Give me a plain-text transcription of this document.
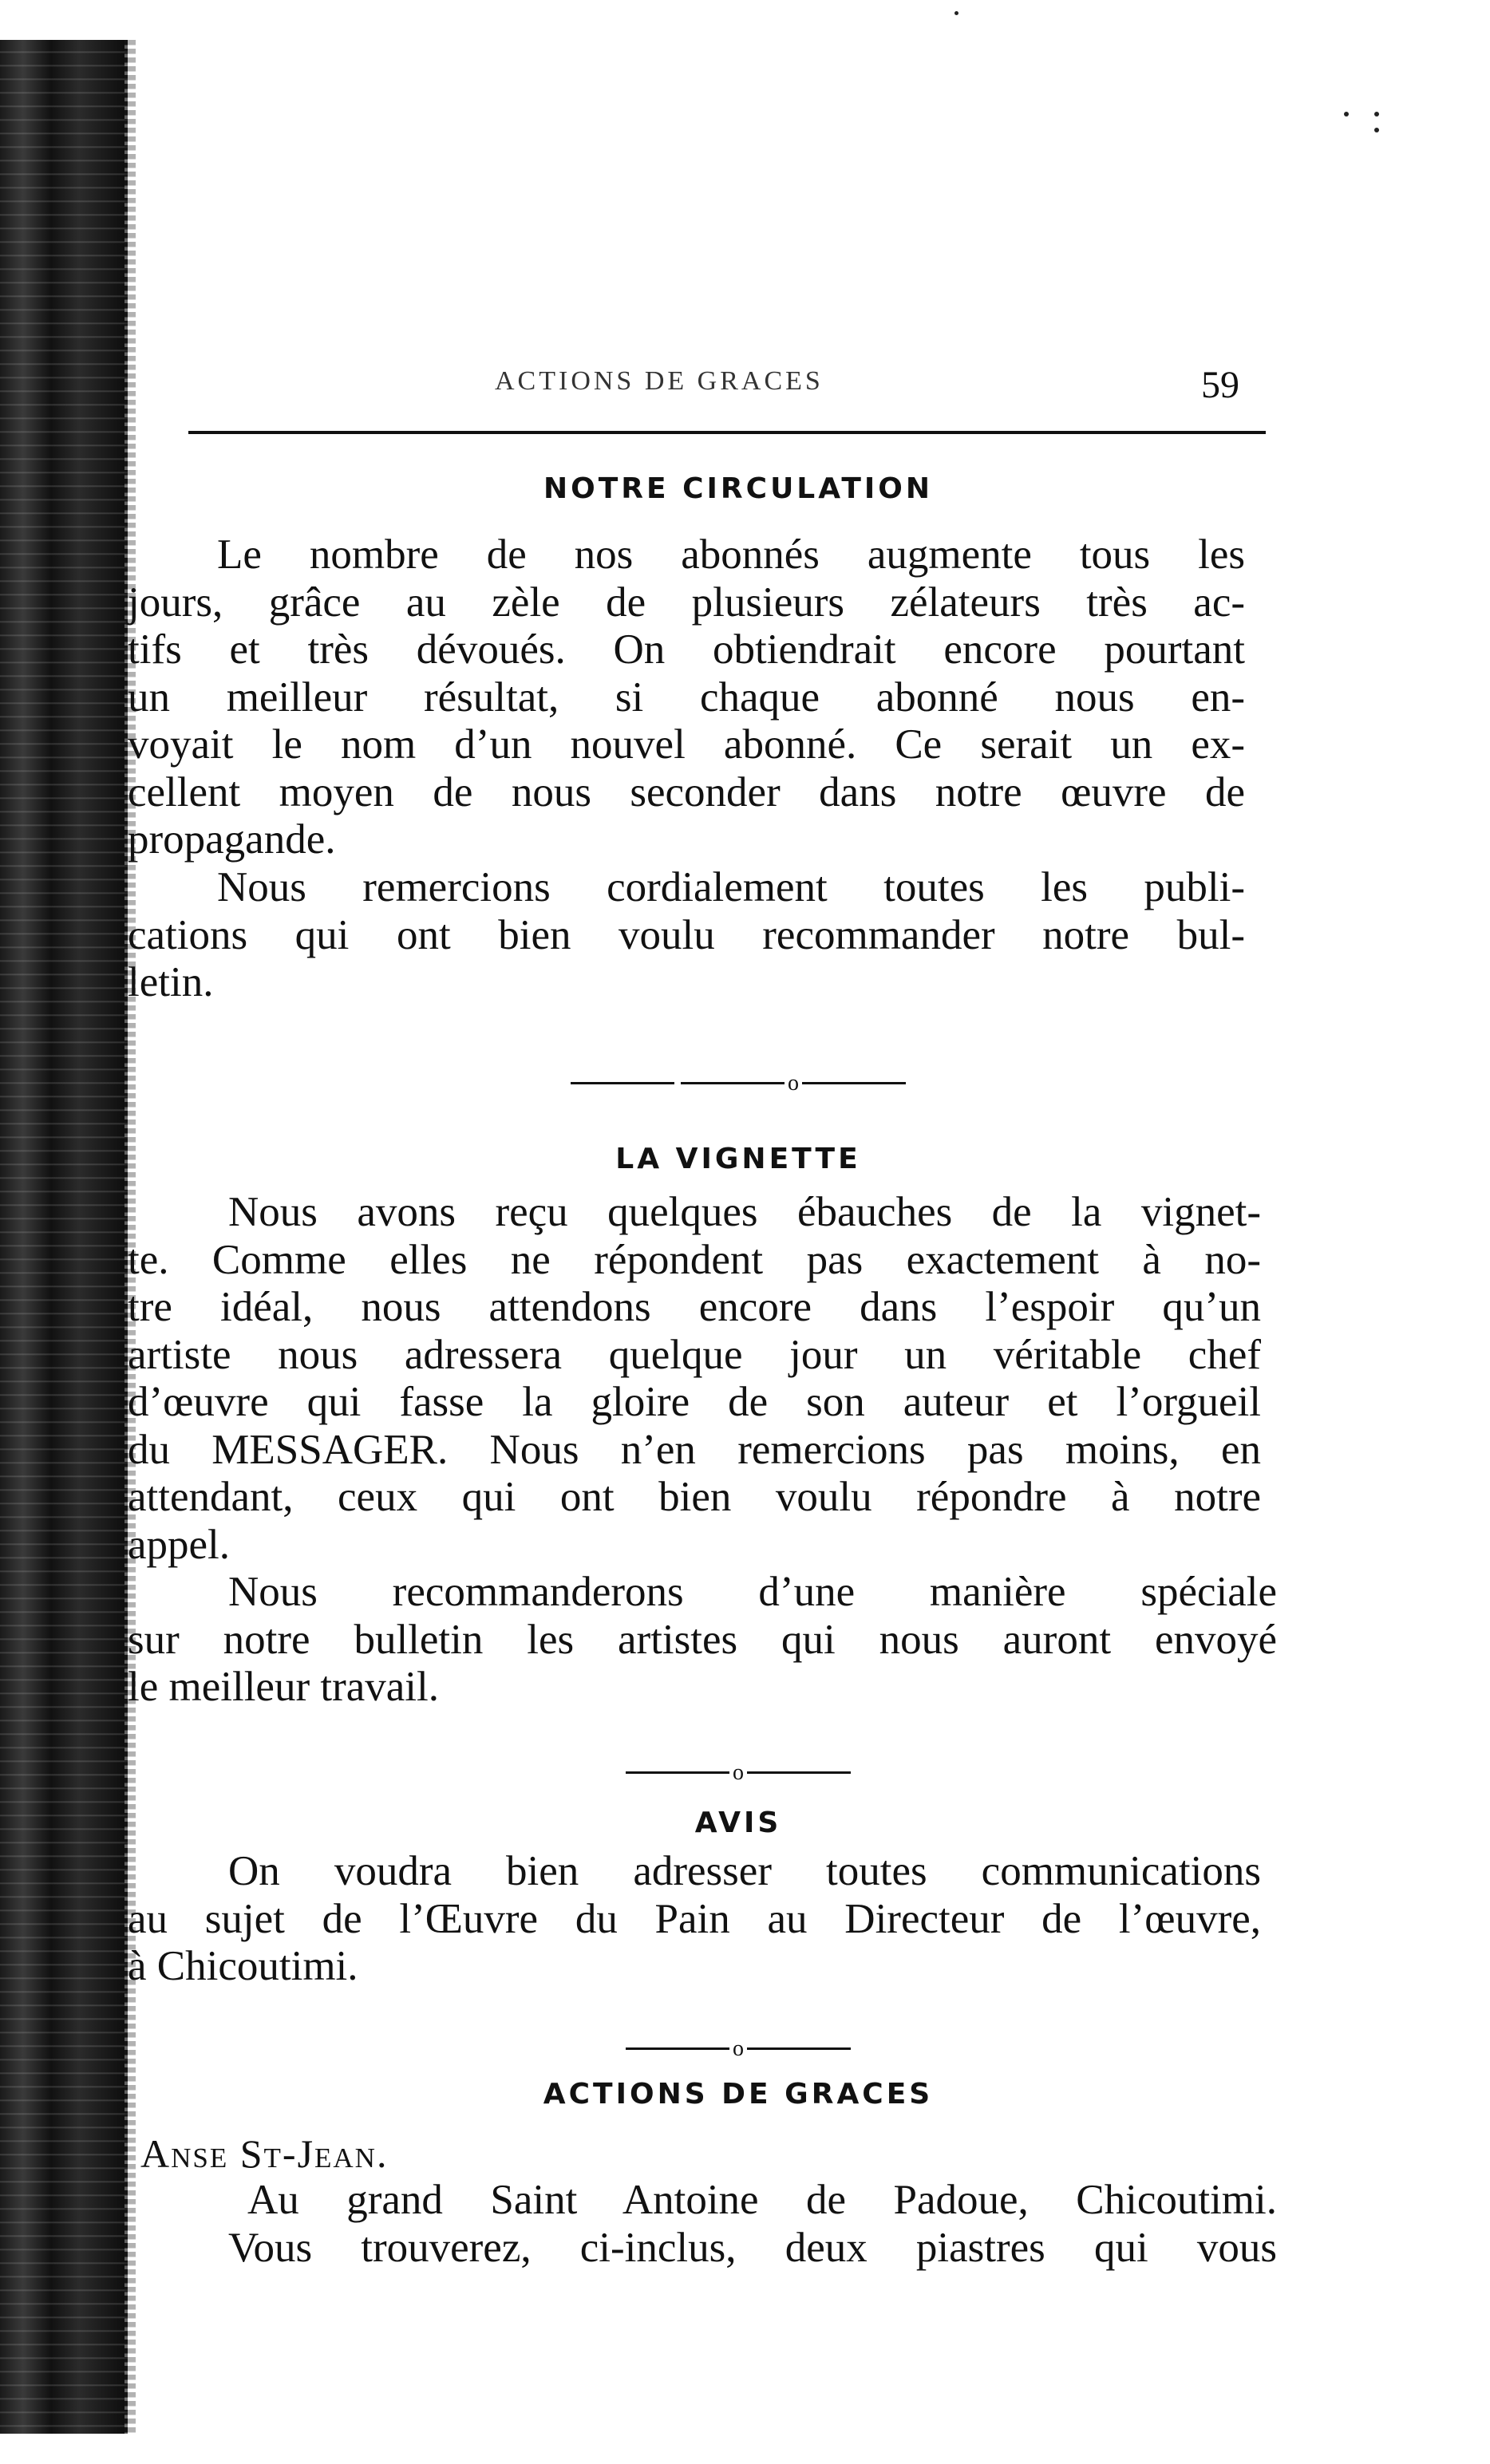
ACTIONS DE GRACES	59
NOTRE CIRCULATION
Le nombre de nos abonnés augmente tous les
jours, grâce au zèle de plusieurs zélateurs très ac-
tifs et très dévoués. On obtiendrait encore pourtant
un meilleur résultat, si chaque abonné nous en-
voyait le nom d’un nouvel abonné. Ce serait un ex-
cellent moyen de nous seconder dans notre œuvre de
propagande.
Nous remercions cordialement toutes les publi-
cations qui ont bien voulu recommander notre bul-
letin.
o
LA VIGNETTE
Nous avons reçu quelques ébauches de la vignet-
te. Comme elles ne répondent pas exactement à no-
tre idéal, nous attendons encore dans l’espoir qu’un
artiste nous adressera quelque jour un véritable chef
d’œuvre qui fasse la gloire de son auteur et l’orgueil
du MESSAGER. Nous n’en remercions pas moins, en
attendant, ceux qui ont bien voulu répondre à notre
appel.
Nous recommanderons d’une manière spéciale
sur notre bulletin les artistes qui nous auront envoyé
le meilleur travail.
o
AVIS
On voudra bien adresser toutes communications
au sujet de l’Œuvre du Pain au Directeur de l’œuvre,
à Chicoutimi.
o
ACTIONS DE GRACES
Anse St-Jean.
Au grand Saint Antoine de Padoue, Chicoutimi.
Vous trouverez, ci-inclus, deux piastres qui vous
